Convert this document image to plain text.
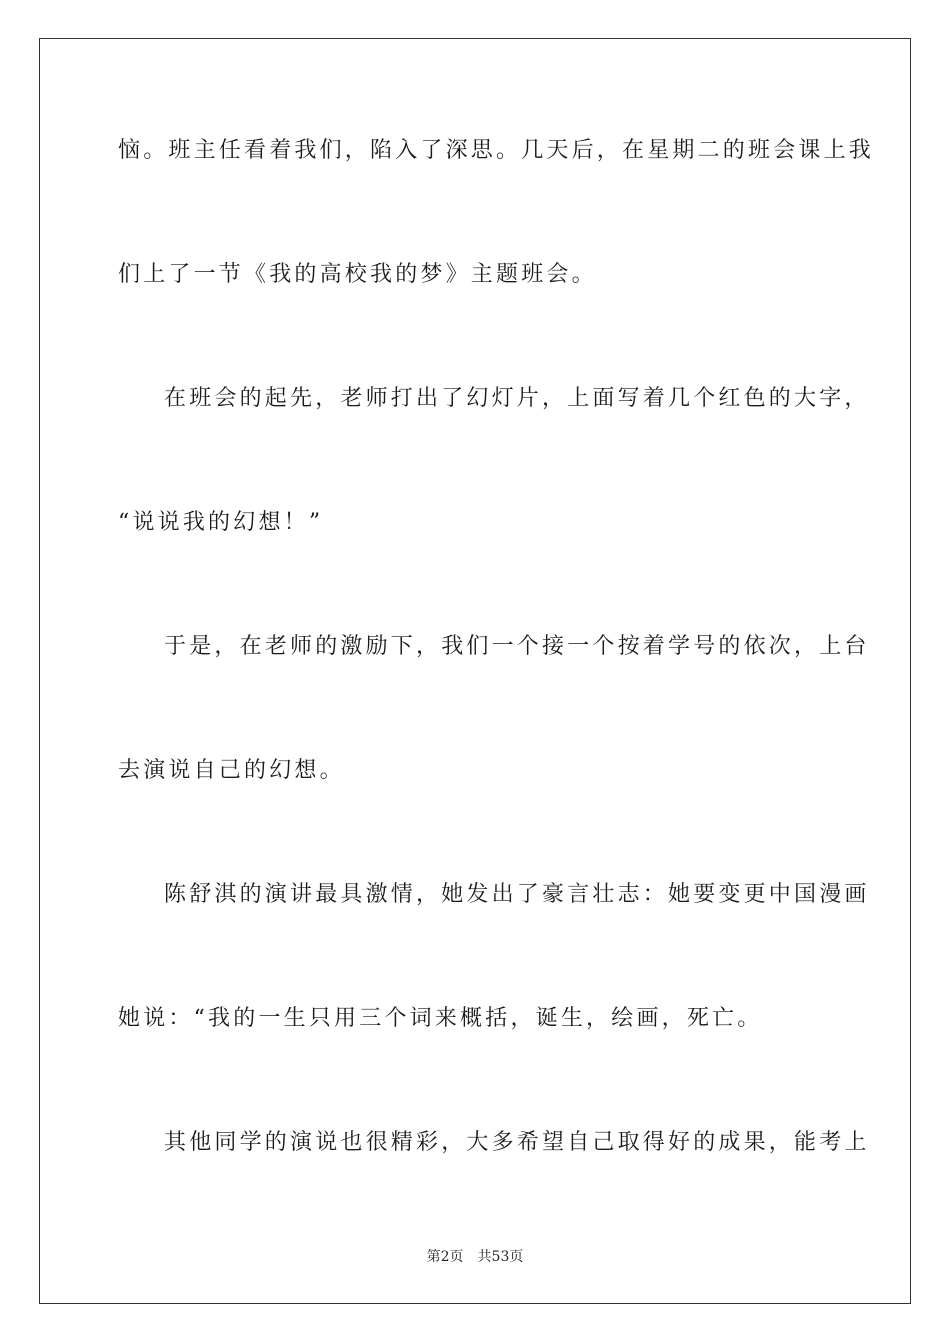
恼。班主任看着我们，陷入了深思。几天后，在星期二的班会课上我
们上了一节《我的高校我的梦》主题班会。
在班会的起先，老师打出了幻灯片，上面写着几个红色的大字，
“说说我的幻想！”
于是，在老师的激励下，我们一个接一个按着学号的依次，上台
去演说自己的幻想。
陈舒淇的演讲最具激情，她发出了豪言壮志：她要变更中国漫画
她说：“我的一生只用三个词来概括，诞生，绘画，死亡。
其他同学的演说也很精彩，大多希望自己取得好的成果，能考上
第2页 共53页
